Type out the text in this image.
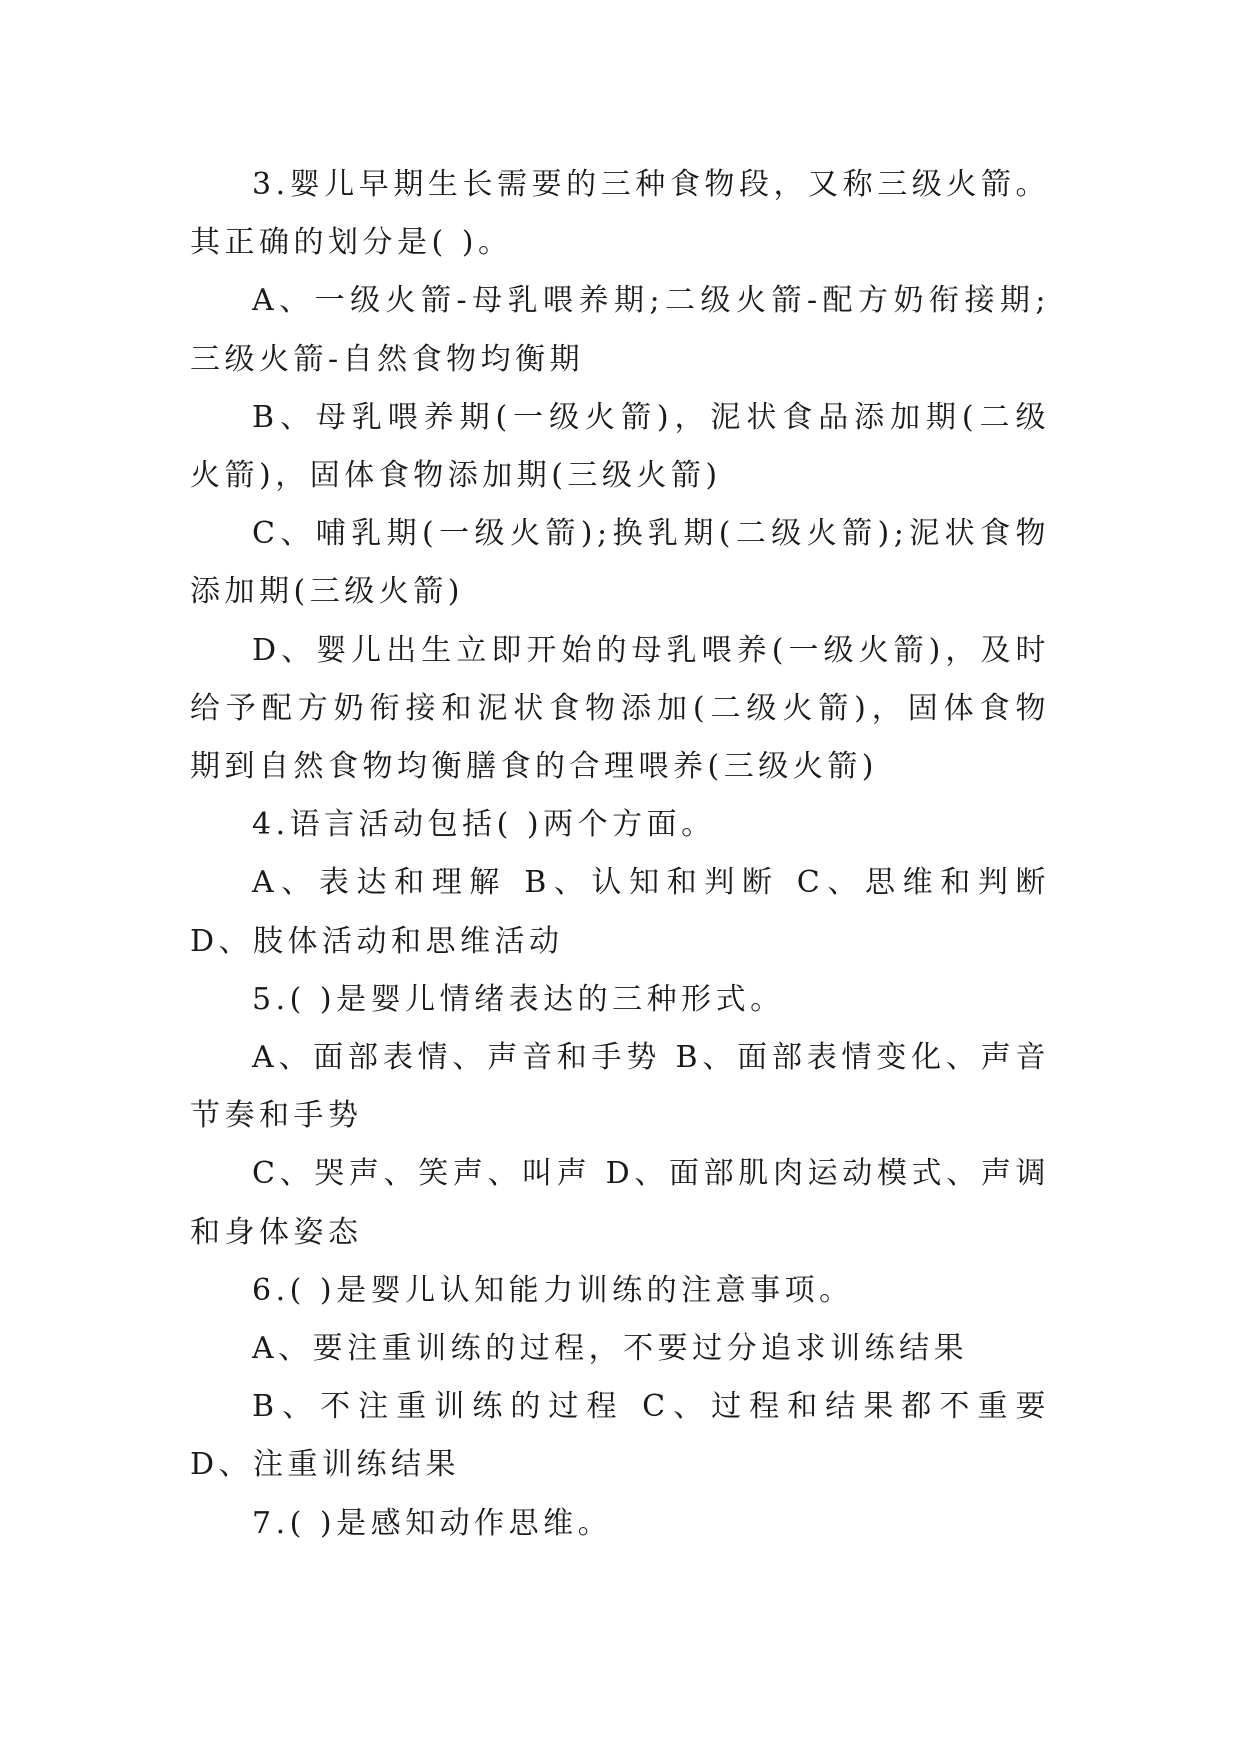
3.婴儿早期生长需要的三种食物段，又称三级火箭。其正确的划分是( )。

A、一级火箭-母乳喂养期;二级火箭-配方奶衔接期;三级火箭-自然食物均衡期

B、母乳喂养期(一级火箭)，泥状食品添加期(二级火箭)，固体食物添加期(三级火箭)

C、哺乳期(一级火箭);换乳期(二级火箭);泥状食物添加期(三级火箭)

D、婴儿出生立即开始的母乳喂养(一级火箭)，及时给予配方奶衔接和泥状食物添加(二级火箭)，固体食物期到自然食物均衡膳食的合理喂养(三级火箭)

4.语言活动包括( )两个方面。

A、表达和理解 B、认知和判断 C、思维和判断 D、肢体活动和思维活动

5.( )是婴儿情绪表达的三种形式。

A、面部表情、声音和手势 B、面部表情变化、声音节奏和手势

C、哭声、笑声、叫声 D、面部肌肉运动模式、声调和身体姿态

6.( )是婴儿认知能力训练的注意事项。

A、要注重训练的过程，不要过分追求训练结果

B、不注重训练的过程 C、过程和结果都不重要 D、注重训练结果

7.( )是感知动作思维。
